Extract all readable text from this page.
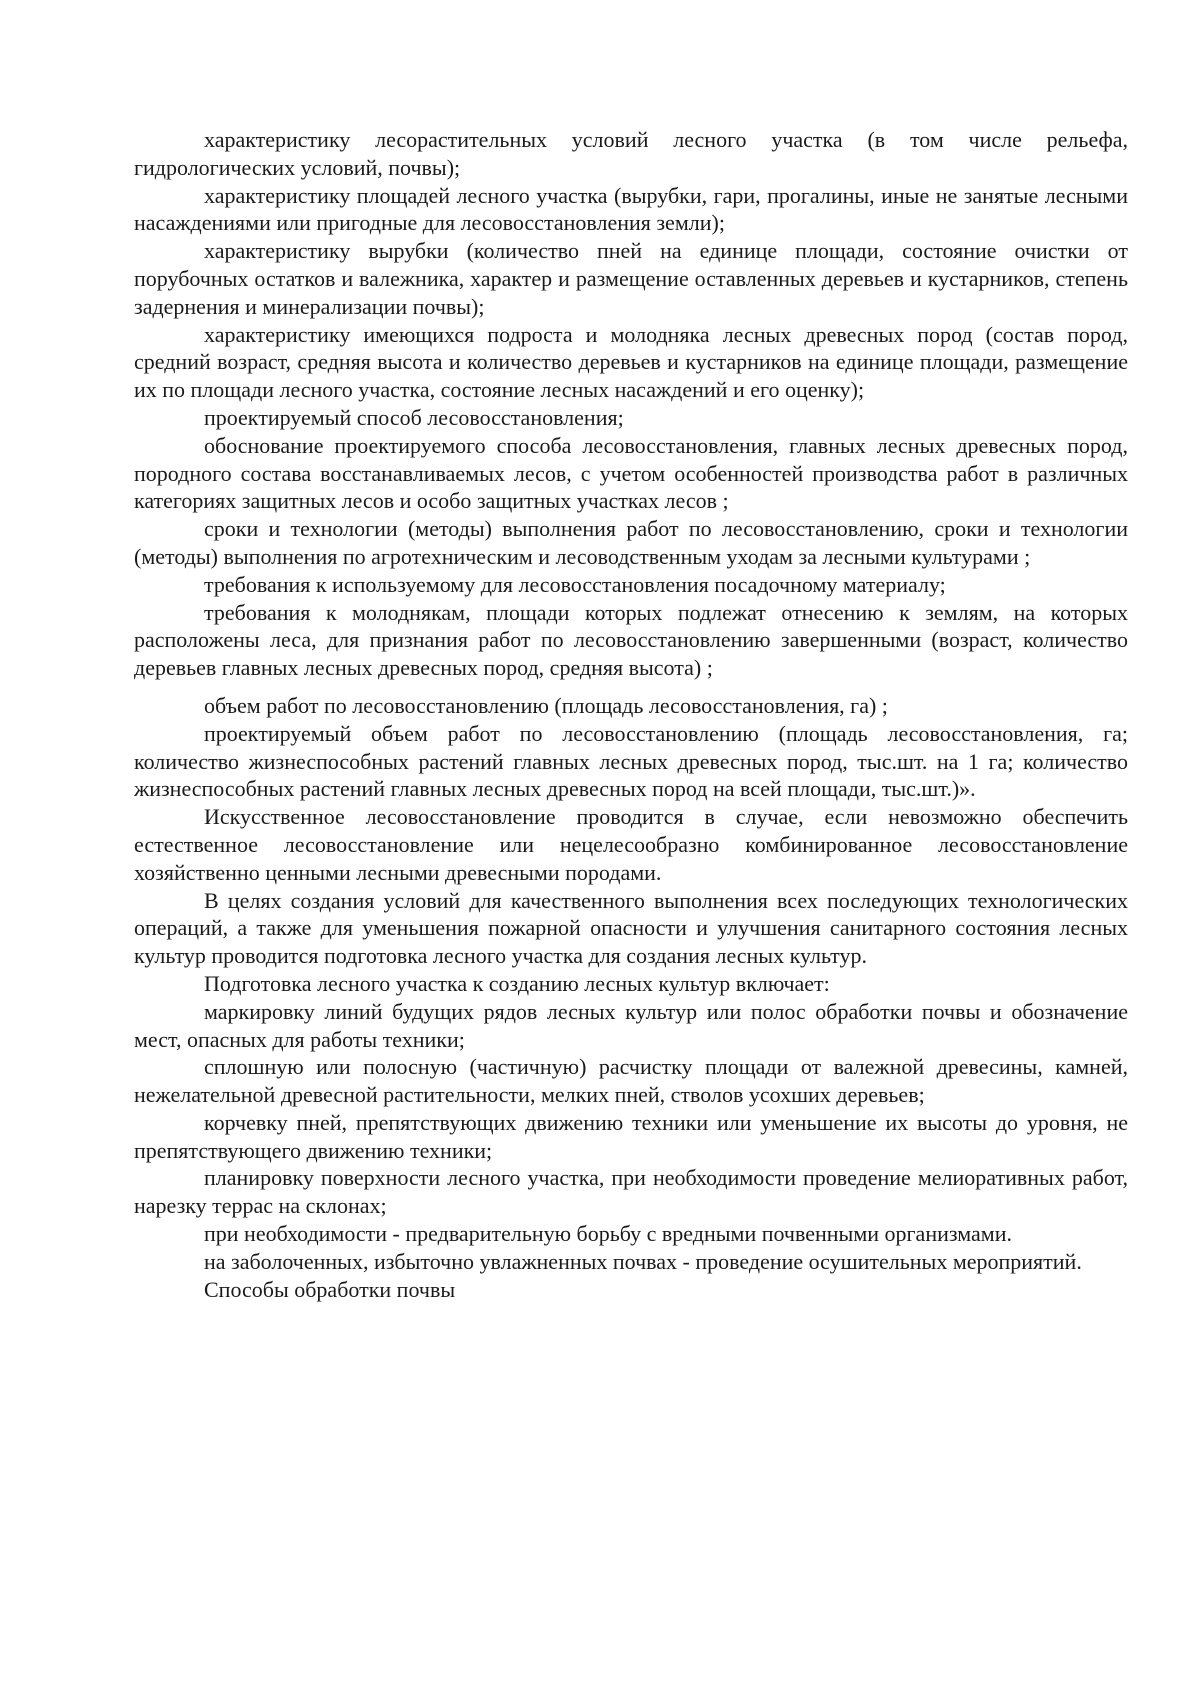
характеристику лесорастительных условий лесного участка (в том числе рельефа, гидрологических условий, почвы);

характеристику площадей лесного участка (вырубки, гари, прогалины, иные не занятые лесными насаждениями или пригодные для лесовосстановления земли);

характеристику вырубки (количество пней на единице площади, состояние очистки от порубочных остатков и валежника, характер и размещение оставленных деревьев и кустарников, степень задернения и минерализации почвы);

характеристику имеющихся подроста и молодняка лесных древесных пород (состав пород, средний возраст, средняя высота и количество деревьев и кустарников на единице площади, размещение их по площади лесного участка, состояние лесных насаждений и его оценку);

проектируемый способ лесовосстановления;

обоснование проектируемого способа лесовосстановления, главных лесных древесных пород, породного состава восстанавливаемых лесов, с учетом особенностей производства работ в различных категориях защитных лесов и особо защитных участках лесов ;

сроки и технологии (методы) выполнения работ по лесовосстановлению, сроки и технологии (методы) выполнения по агротехническим и лесоводственным уходам за лесными культурами ;

требования к используемому для лесовосстановления посадочному материалу;

требования к молоднякам, площади которых подлежат отнесению к землям, на которых расположены леса, для признания работ по лесовосстановлению завершенными (возраст, количество деревьев главных лесных древесных пород, средняя высота) ;

объем работ по лесовосстановлению (площадь лесовосстановления, га) ;

проектируемый объем работ по лесовосстановлению (площадь лесовосстановления, га; количество жизнеспособных растений главных лесных древесных пород, тыс.шт. на 1 га; количество жизнеспособных растений главных лесных древесных пород на всей площади, тыс.шт.)».

Искусственное лесовосстановление проводится в случае, если невозможно обеспечить естественное лесовосстановление или нецелесообразно комбинированное лесовосстановление хозяйственно ценными лесными древесными породами.

В целях создания условий для качественного выполнения всех последующих технологических операций, а также для уменьшения пожарной опасности и улучшения санитарного состояния лесных культур проводится подготовка лесного участка для создания лесных культур.

Подготовка лесного участка к созданию лесных культур включает:

маркировку линий будущих рядов лесных культур или полос обработки почвы и обозначение мест, опасных для работы техники;

сплошную или полосную (частичную) расчистку площади от валежной древесины, камней, нежелательной древесной растительности, мелких пней, стволов усохших деревьев;

корчевку пней, препятствующих движению техники или уменьшение их высоты до уровня, не препятствующего движению техники;

планировку поверхности лесного участка, при необходимости проведение мелиоративных работ, нарезку террас на склонах;

при необходимости - предварительную борьбу с вредными почвенными организмами.

на заболоченных, избыточно увлажненных почвах - проведение осушительных мероприятий.

Способы обработки почвы
